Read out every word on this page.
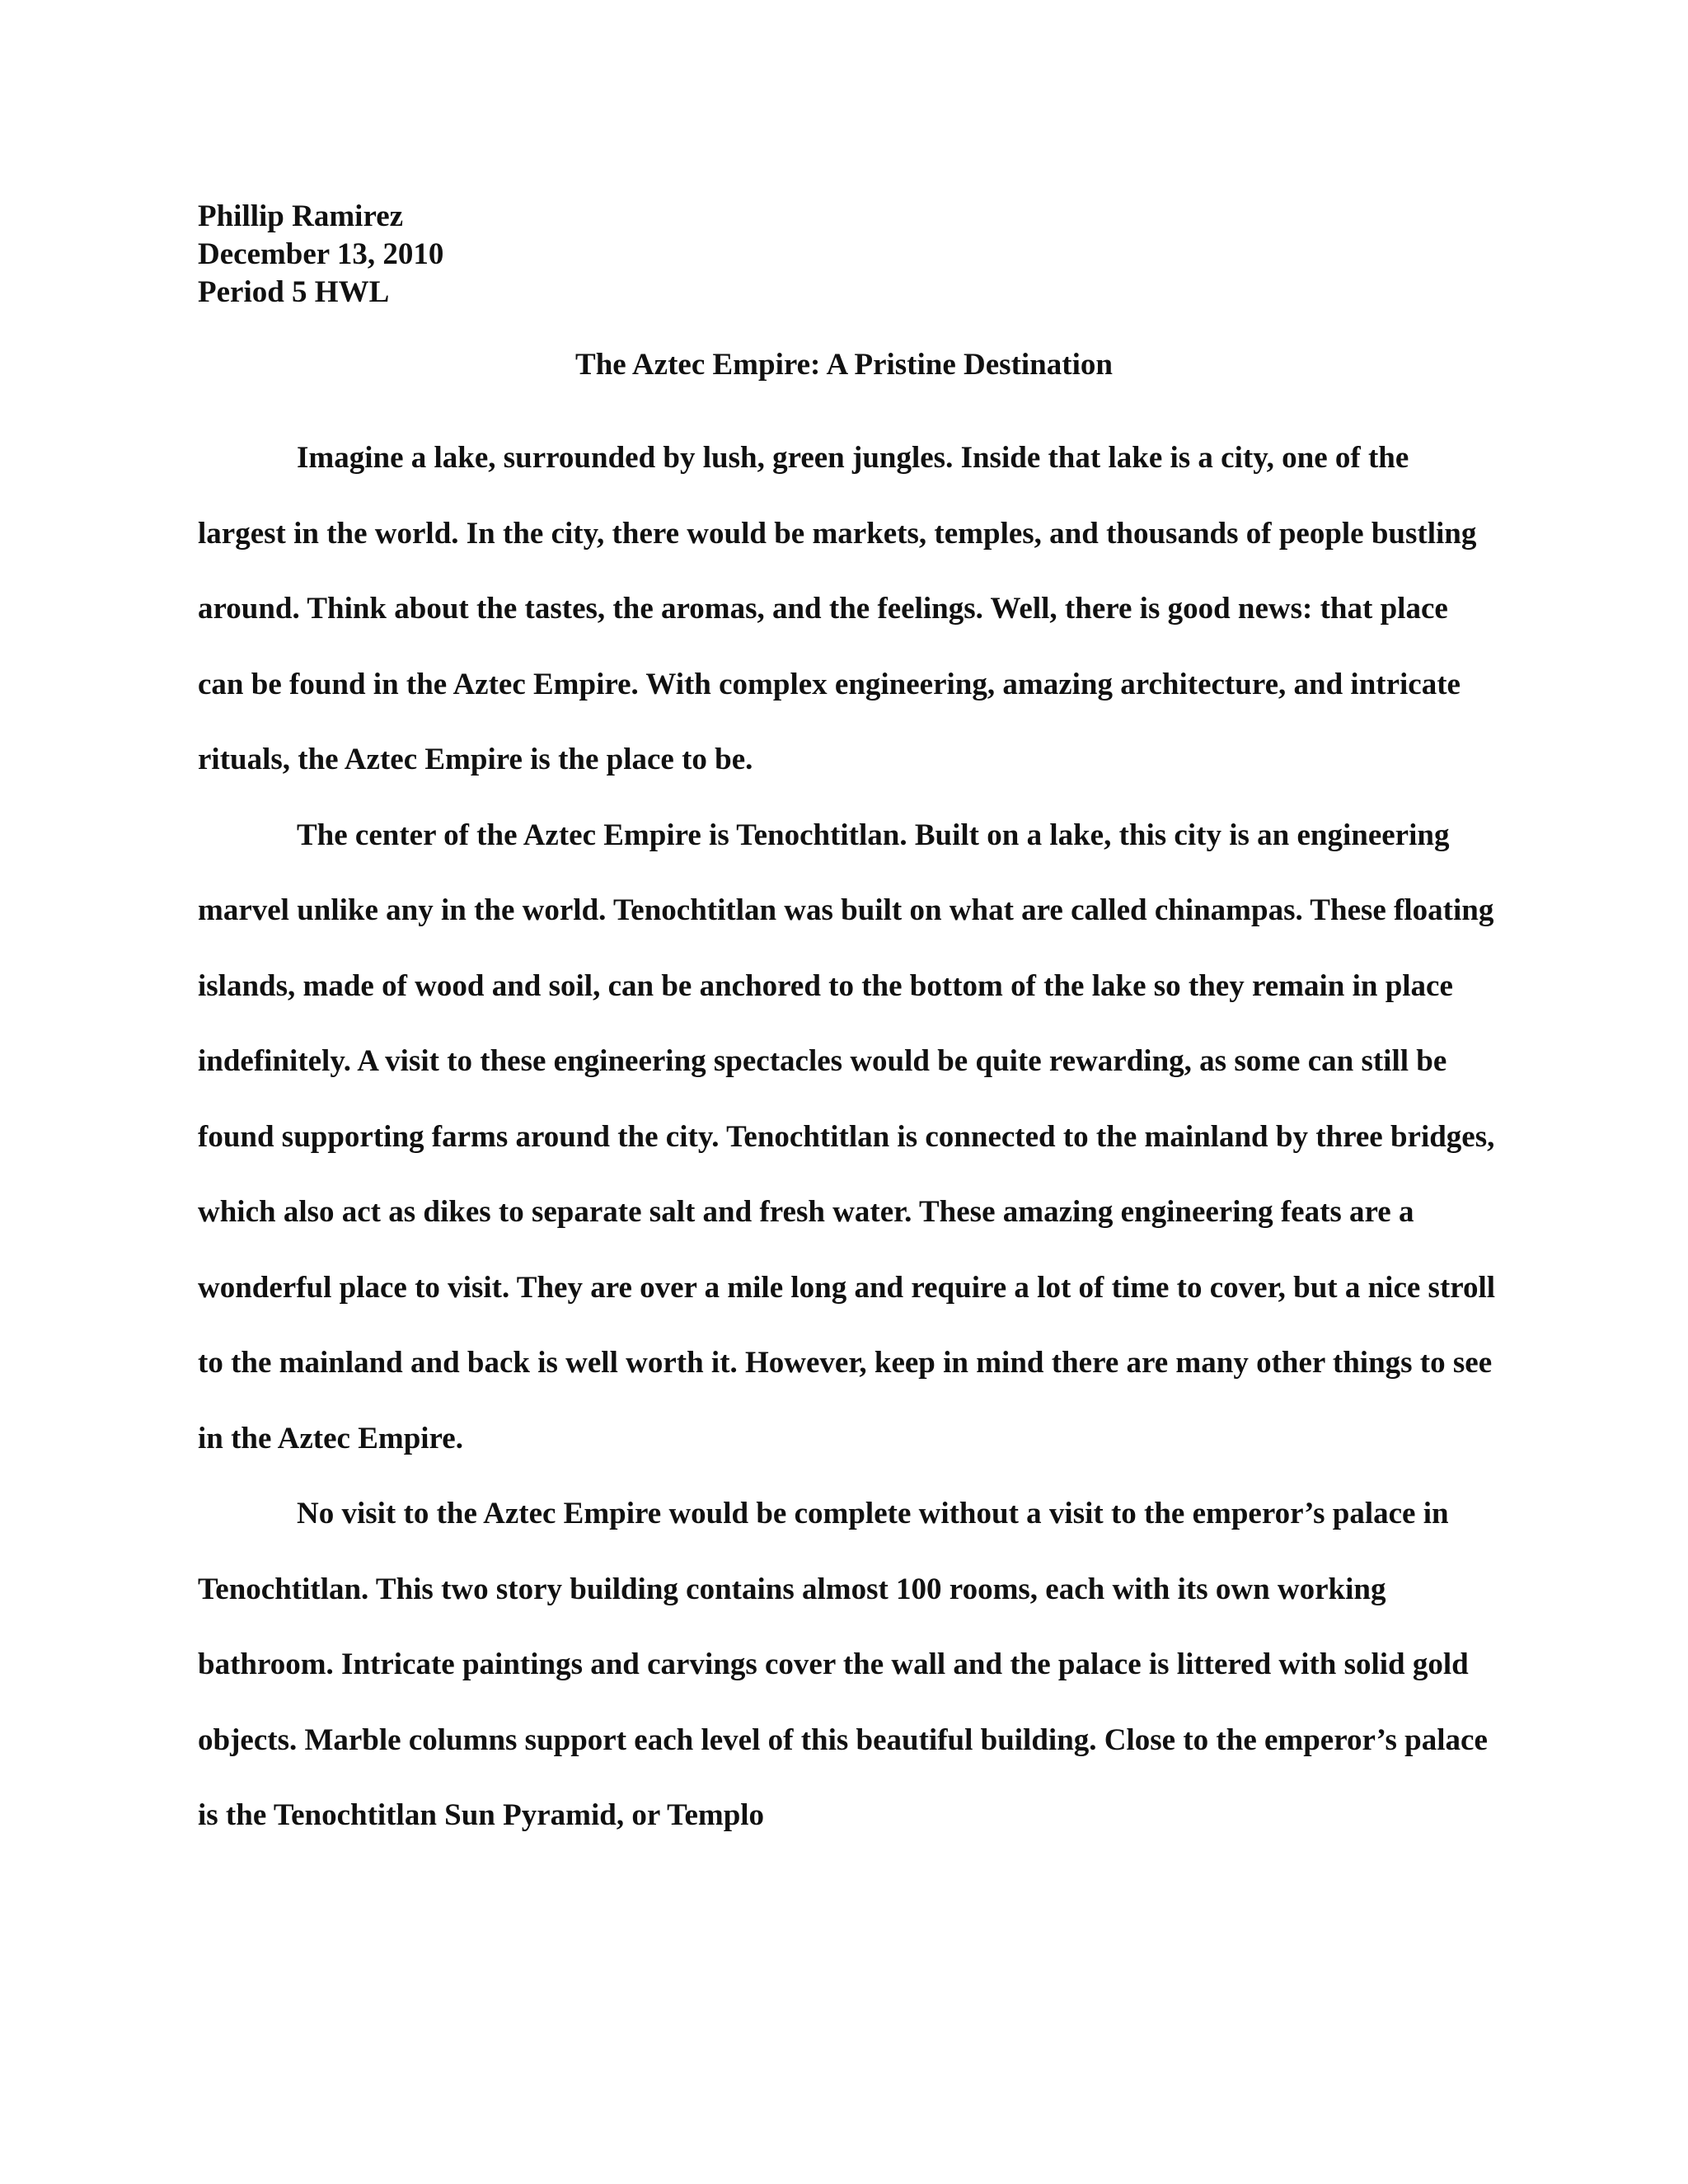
Phillip Ramirez
December 13, 2010
Period 5 HWL
The Aztec Empire: A Pristine Destination

Imagine a lake, surrounded by lush, green jungles. Inside that lake is a city, one of the largest in the world. In the city, there would be markets, temples, and thousands of people bustling around. Think about the tastes, the aromas, and the feelings. Well, there is good news: that place can be found in the Aztec Empire. With complex engineering, amazing architecture, and intricate rituals, the Aztec Empire is the place to be.

The center of the Aztec Empire is Tenochtitlan. Built on a lake, this city is an engineering marvel unlike any in the world. Tenochtitlan was built on what are called chinampas. These floating islands, made of wood and soil, can be anchored to the bottom of the lake so they remain in place indefinitely. A visit to these engineering spectacles would be quite rewarding, as some can still be found supporting farms around the city. Tenochtitlan is connected to the mainland by three bridges, which also act as dikes to separate salt and fresh water. These amazing engineering feats are a wonderful place to visit. They are over a mile long and require a lot of time to cover, but a nice stroll to the mainland and back is well worth it. However, keep in mind there are many other things to see in the Aztec Empire.

No visit to the Aztec Empire would be complete without a visit to the emperor’s palace in Tenochtitlan. This two story building contains almost 100 rooms, each with its own working bathroom. Intricate paintings and carvings cover the wall and the palace is littered with solid gold objects. Marble columns support each level of this beautiful building. Close to the emperor’s palace is the Tenochtitlan Sun Pyramid, or Templo
